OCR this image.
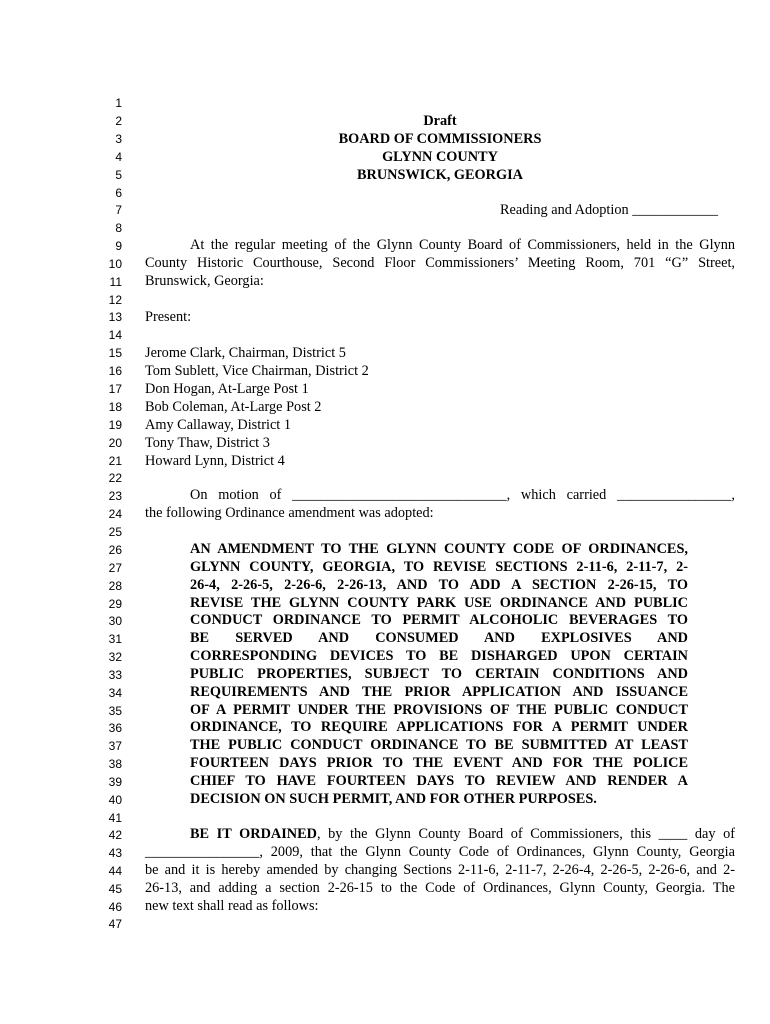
1
2
3
4
5
6
7
8
9
10
11
12
13
14
15
16
17
18
19
20
21
22
23
24
25
26
27
28
29
30
31
32
33
34
35
36
37
38
39
40
41
42
43
44
45
46
47
Draft
BOARD OF COMMISSIONERS
GLYNN COUNTY
BRUNSWICK, GEORGIA
Reading and Adoption ____________
At the regular meeting of the Glynn County Board of Commissioners, held in the Glynn
County Historic Courthouse, Second Floor Commissioners’ Meeting Room, 701 “G” Street,
Brunswick, Georgia:
Present:
Jerome Clark, Chairman, District 5
Tom Sublett, Vice Chairman, District 2
Don Hogan, At-Large Post 1
Bob Coleman, At-Large Post 2
Amy Callaway, District 1
Tony Thaw, District 3
Howard Lynn, District 4
On motion of ______________________________, which carried ________________,
the following Ordinance amendment was adopted:
AN AMENDMENT TO THE GLYNN COUNTY CODE OF ORDINANCES,
GLYNN COUNTY, GEORGIA, TO REVISE SECTIONS 2-11-6, 2-11-7, 2-
26-4, 2-26-5, 2-26-6, 2-26-13, AND TO ADD A SECTION 2-26-15, TO
REVISE THE GLYNN COUNTY PARK USE ORDINANCE AND PUBLIC
CONDUCT ORDINANCE TO PERMIT ALCOHOLIC BEVERAGES TO
BE SERVED AND CONSUMED AND EXPLOSIVES AND
CORRESPONDING DEVICES TO BE DISHARGED UPON CERTAIN
PUBLIC PROPERTIES, SUBJECT TO CERTAIN CONDITIONS AND
REQUIREMENTS AND THE PRIOR APPLICATION AND ISSUANCE
OF A PERMIT UNDER THE PROVISIONS OF THE PUBLIC CONDUCT
ORDINANCE, TO REQUIRE APPLICATIONS FOR A PERMIT UNDER
THE PUBLIC CONDUCT ORDINANCE TO BE SUBMITTED AT LEAST
FOURTEEN DAYS PRIOR TO THE EVENT AND FOR THE POLICE
CHIEF TO HAVE FOURTEEN DAYS TO REVIEW AND RENDER A
DECISION ON SUCH PERMIT, AND FOR OTHER PURPOSES.
BE IT ORDAINED, by the Glynn County Board of Commissioners, this ____ day of
________________, 2009, that the Glynn County Code of Ordinances, Glynn County, Georgia
be and it is hereby amended by changing Sections 2-11-6, 2-11-7, 2-26-4, 2-26-5, 2-26-6, and 2-
26-13, and adding a section 2-26-15 to the Code of Ordinances, Glynn County, Georgia. The
new text shall read as follows:
